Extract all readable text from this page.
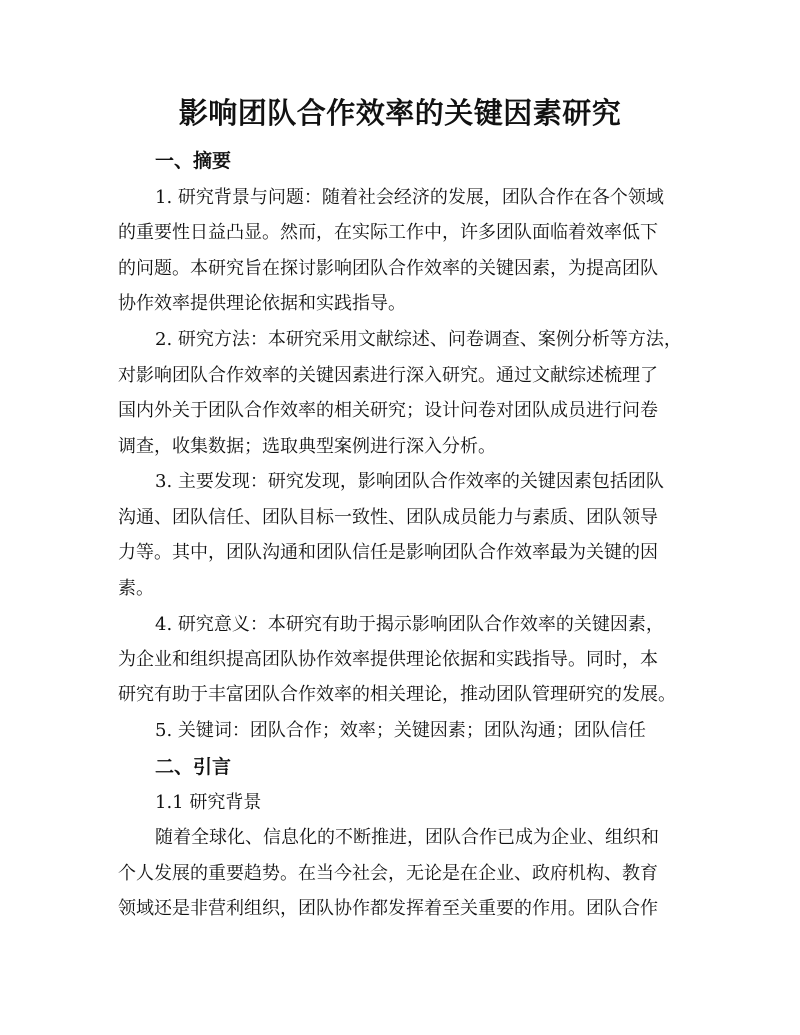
影响团队合作效率的关键因素研究
一、摘要
1. 研究背景与问题：随着社会经济的发展，团队合作在各个领域
的重要性日益凸显。然而，在实际工作中，许多团队面临着效率低下
的问题。本研究旨在探讨影响团队合作效率的关键因素，为提高团队
协作效率提供理论依据和实践指导。
2. 研究方法：本研究采用文献综述、问卷调查、案例分析等方法，
对影响团队合作效率的关键因素进行深入研究。通过文献综述梳理了
国内外关于团队合作效率的相关研究；设计问卷对团队成员进行问卷
调查，收集数据；选取典型案例进行深入分析。
3. 主要发现：研究发现，影响团队合作效率的关键因素包括团队
沟通、团队信任、团队目标一致性、团队成员能力与素质、团队领导
力等。其中，团队沟通和团队信任是影响团队合作效率最为关键的因
素。
4. 研究意义：本研究有助于揭示影响团队合作效率的关键因素，
为企业和组织提高团队协作效率提供理论依据和实践指导。同时，本
研究有助于丰富团队合作效率的相关理论，推动团队管理研究的发展。
5. 关键词：团队合作；效率；关键因素；团队沟通；团队信任
二、引言
1.1 研究背景
随着全球化、信息化的不断推进，团队合作已成为企业、组织和
个人发展的重要趋势。在当今社会，无论是在企业、政府机构、教育
领域还是非营利组织，团队协作都发挥着至关重要的作用。团队合作
